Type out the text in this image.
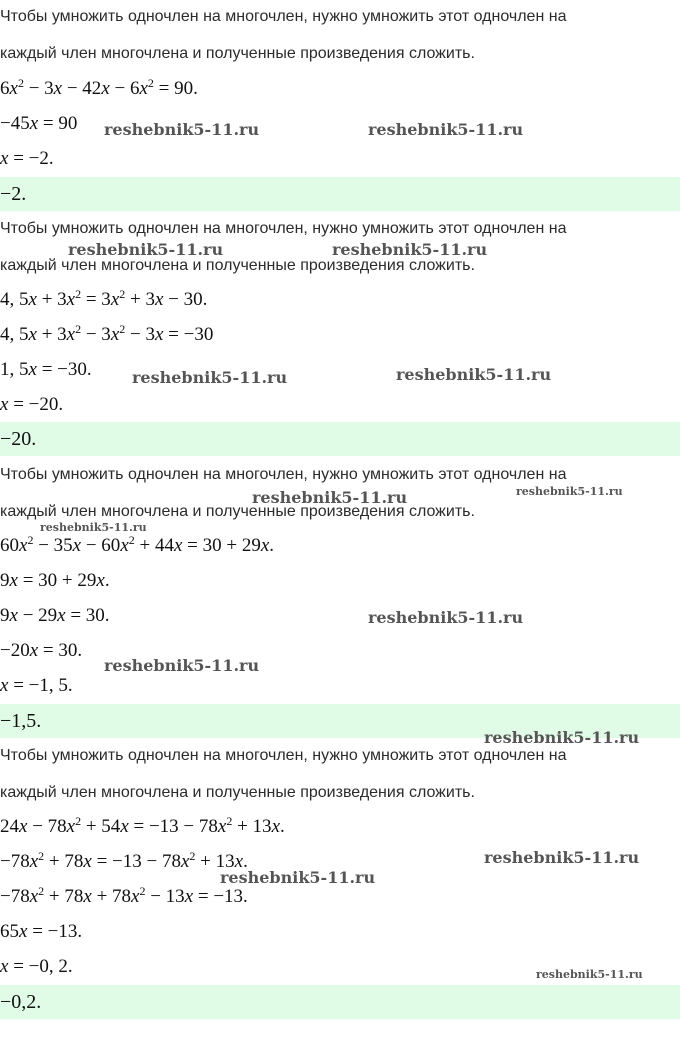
Чтобы умножить одночлен на многочлен, нужно умножить этот одночлен на
каждый член многочлена и полученные произведения сложить.
$6x^2 - 3x - 42x - 6x^2 = 90$.
−45x = 90
x = −2.
−2.
Чтобы умножить одночлен на многочлен, нужно умножить этот одночлен на
каждый член многочлена и полученные произведения сложить.
4, $5x + 3x^2 = 3x^2 + 3x - 30$.
4, $5x + 3x^2 - 3x^2 - 3x = -30$
1, 5x = −30.
x = −20.
−20.
Чтобы умножить одночлен на многочлен, нужно умножить этот одночлен на
каждый член многочлена и полученные произведения сложить.
$60x^2 - 35x - 60x^2 + 44x = 30 + 29x$.
9x = 30 + 29x.
9x − 29x = 30.
−20x = 30.
x = −1, 5.
−1,5.
Чтобы умножить одночлен на многочлен, нужно умножить этот одночлен на
каждый член многочлена и полученные произведения сложить.
$24x - 78x^2 + 54x = -13 - 78x^2 + 13x$.
$-78x^2 + 78x = -13 - 78x^2 + 13x$.
$-78x^2 + 78x + 78x^2 - 13x = -13$.
65x = −13.
x = −0, 2.
−0,2.
reshebnik5-11.ru	reshebnik5-11.ru
reshebnik5-11.ru	reshebnik5-11.ru
reshebnik5-11.ru	reshebnik5-11.ru
reshebnik5-11.ru	reshebnik5-11.ru
reshebnik5-11.ru
reshebnik5-11.ru
reshebnik5-11.ru
reshebnik5-11.ru
reshebnik5-11.ru
reshebnik5-11.ru
reshebnik5-11.ru
